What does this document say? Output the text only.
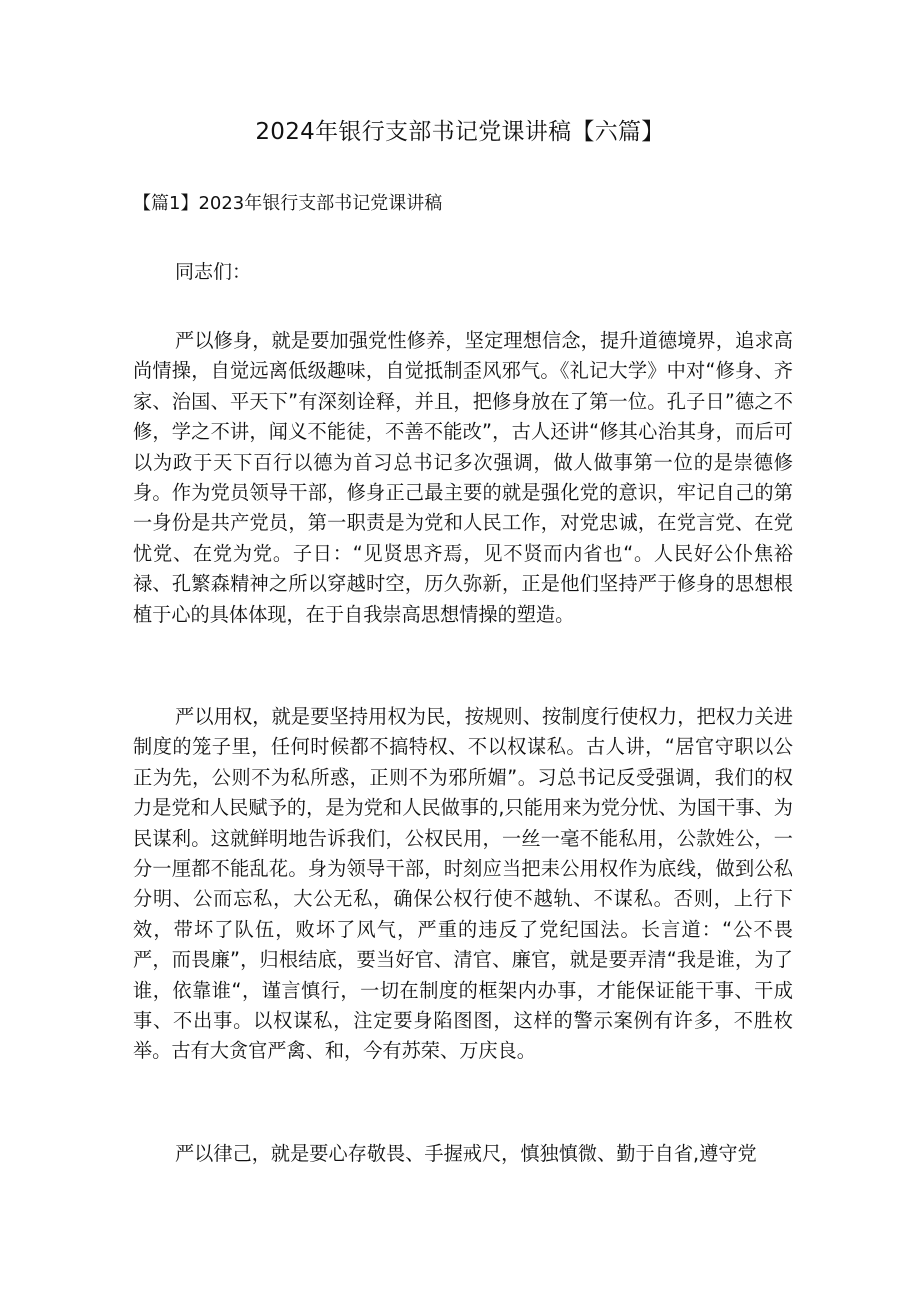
2024年银行支部书记党课讲稿【六篇】
【篇1】2023年银行支部书记党课讲稿

同志们：

严以修身，就是要加强党性修养，坚定理想信念，提升道德境界，追求高尚情操，自觉远离低级趣味，自觉抵制歪风邪气。《礼记大学》中对“修身、齐家、治国、平天下”有深刻诠释，并且，把修身放在了第一位。孔子日”德之不修，学之不讲，闻义不能徒，不善不能改”，古人还讲“修其心治其身，而后可以为政于天下百行以德为首习总书记多次强调，做人做事第一位的是崇德修身。作为党员领导干部，修身正己最主要的就是强化党的意识，牢记自己的第一身份是共产党员，第一职责是为党和人民工作，对党忠诚，在党言党、在党忧党、在党为党。子日：“见贤思齐焉，见不贤而内省也“。人民好公仆焦裕禄、孔繁森精神之所以穿越时空，历久弥新，正是他们坚持严于修身的思想根植于心的具体体现，在于自我崇高思想情操的塑造。

严以用权，就是要坚持用权为民，按规则、按制度行使权力，把权力关进制度的笼子里，任何时候都不搞特权、不以权谋私。古人讲，“居官守职以公正为先，公则不为私所惑，正则不为邪所媚”。习总书记反受强调，我们的权力是党和人民赋予的，是为党和人民做事的,只能用来为党分忧、为国干事、为民谋利。这就鲜明地告诉我们，公权民用，一丝一毫不能私用，公款姓公，一分一厘都不能乱花。身为领导干部，时刻应当把耒公用权作为底线，做到公私分明、公而忘私，大公无私，确保公权行使不越轨、不谋私。否则，上行下效，带坏了队伍，败坏了风气，严重的违反了党纪国法。长言道：“公不畏严，而畏廉”，归根结底，要当好官、清官、廉官，就是要弄清“我是谁，为了谁，依靠谁“，谨言慎行，一切在制度的框架内办事，才能保证能干事、干成事、不出事。以权谋私，注定要身陷图图，这样的警示案例有许多，不胜枚举。古有大贪官严禽、和，今有苏荣、万庆良。

严以律己，就是要心存敬畏、手握戒尺，慎独慎微、勤于自省,遵守党
